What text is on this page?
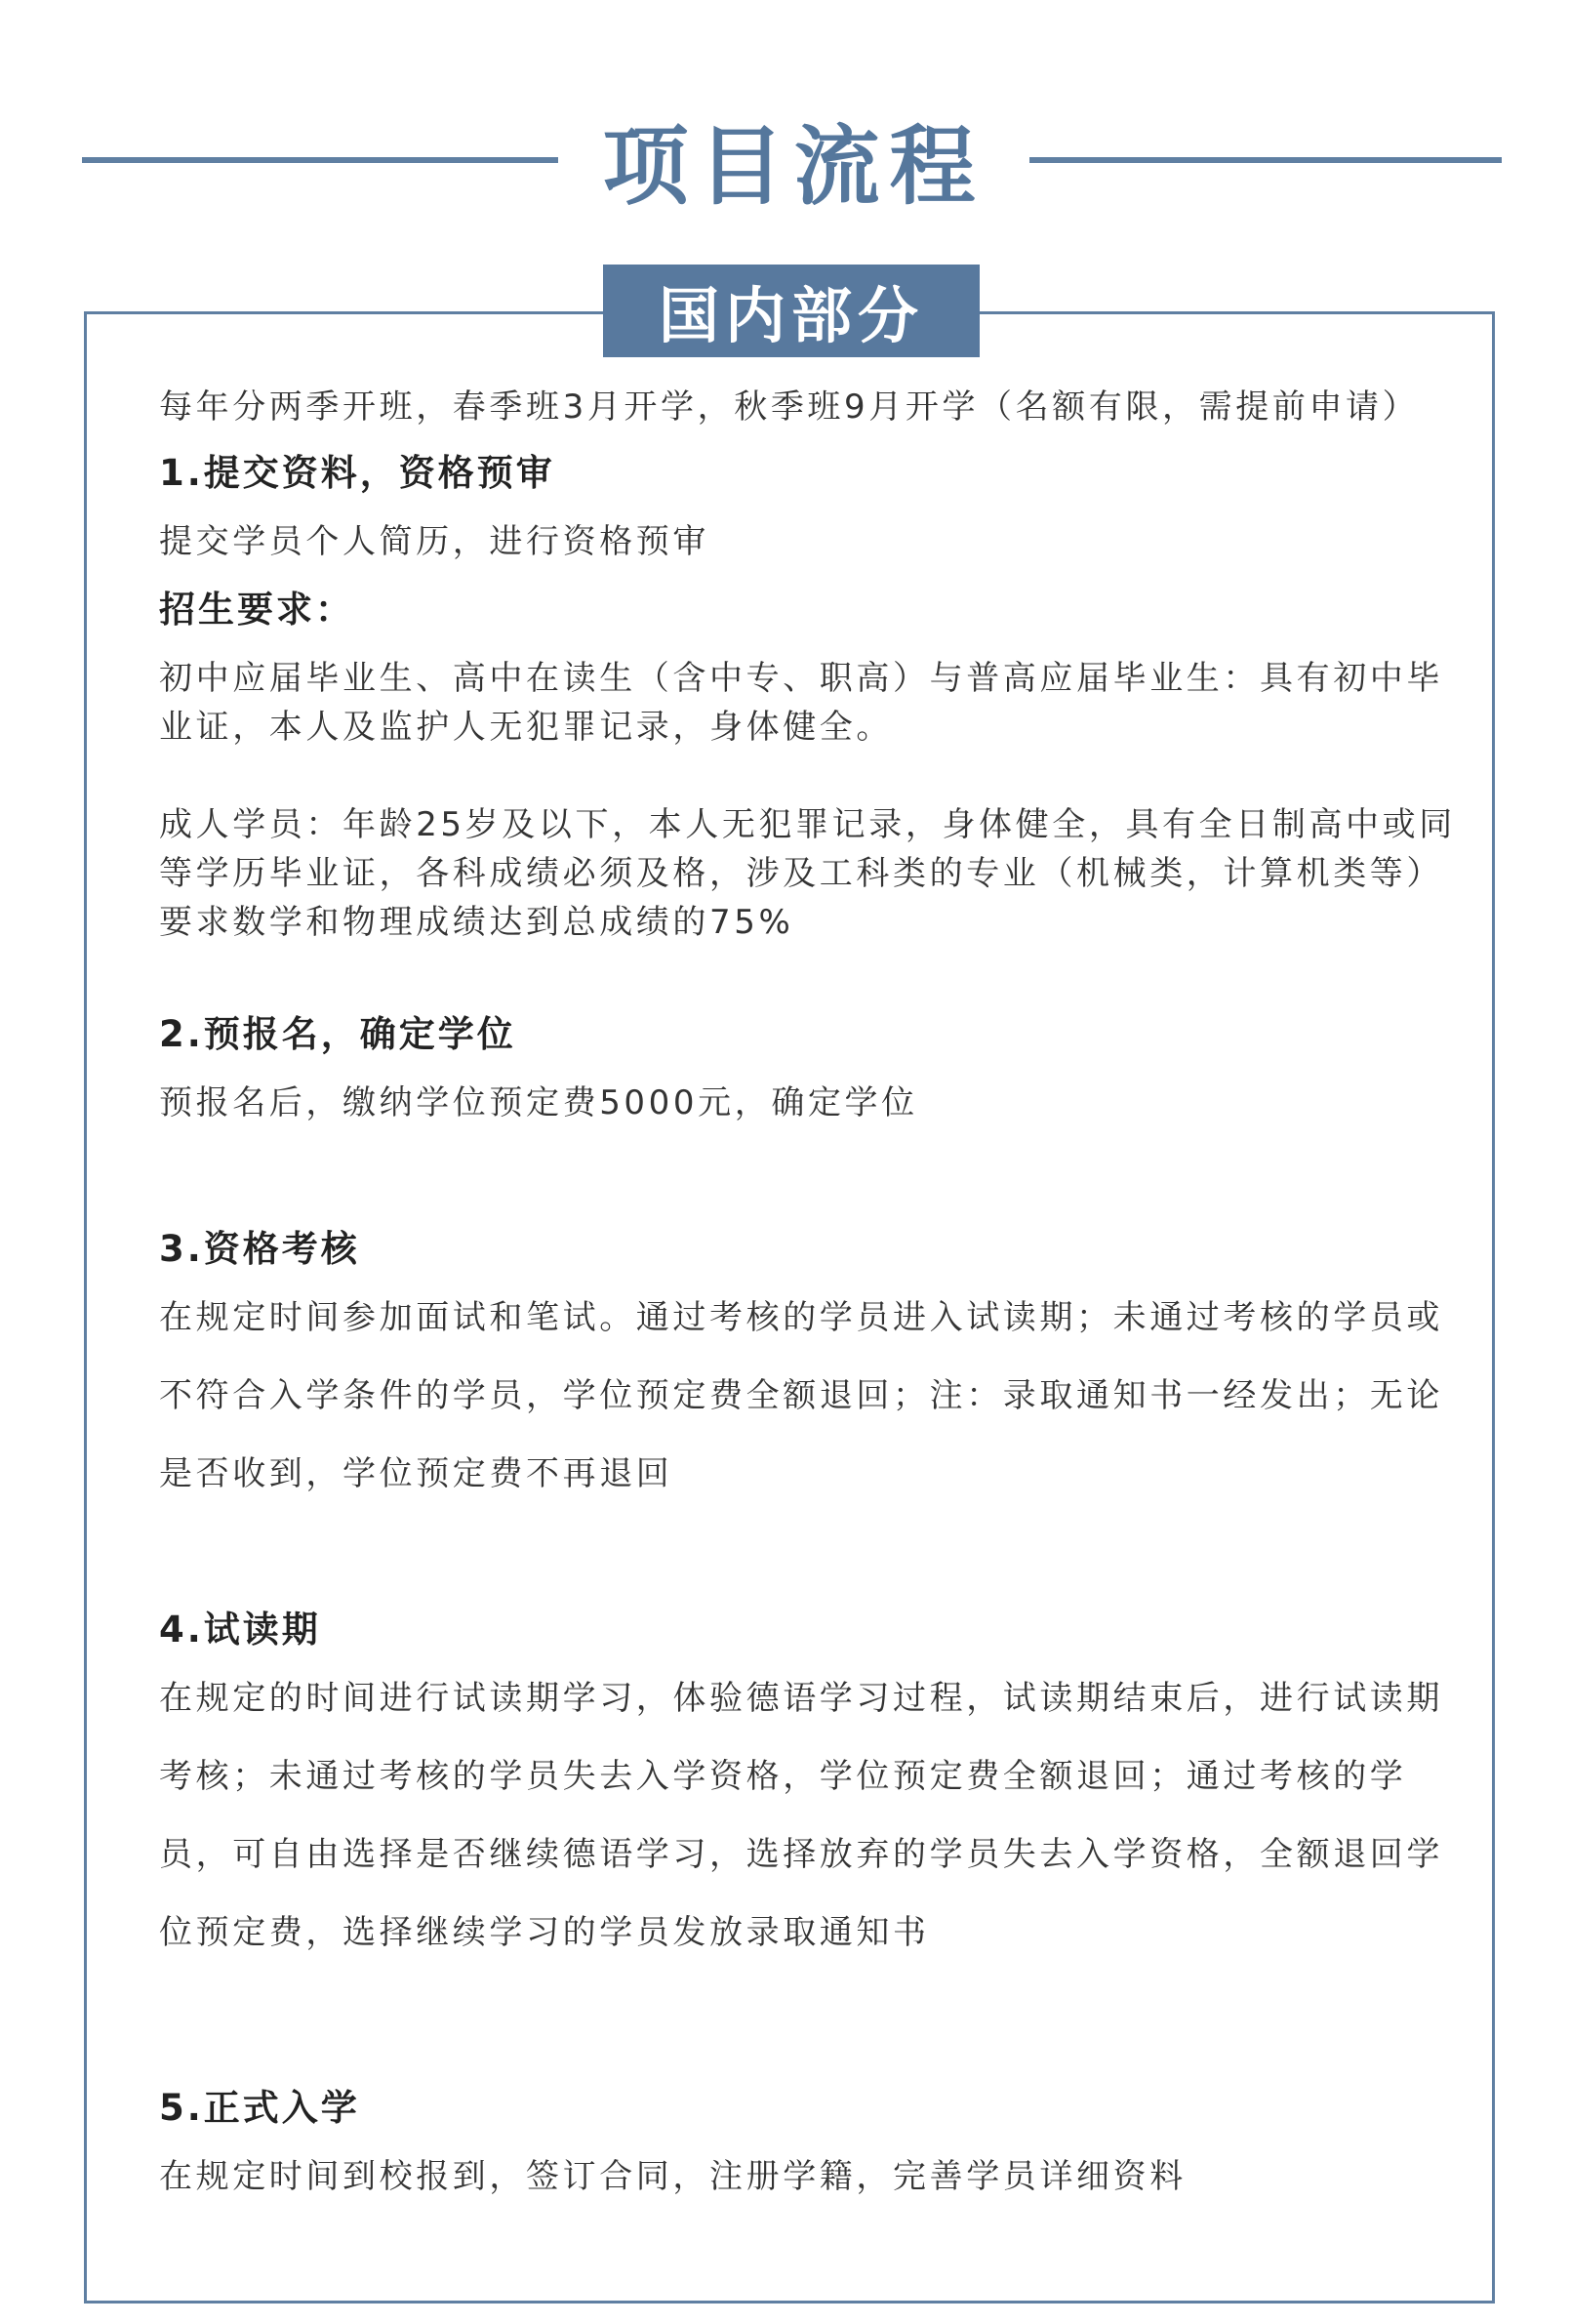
项目流程
国内部分

每年分两季开班，春季班3月开学，秋季班9月开学（名额有限，需提前申请）

1.提交资料，资格预审

提交学员个人简历，进行资格预审

招生要求：

初中应届毕业生、高中在读生（含中专、职高）与普高应届毕业生：具有初中毕业证，本人及监护人无犯罪记录，身体健全。

成人学员：年龄25岁及以下，本人无犯罪记录，身体健全，具有全日制高中或同等学历毕业证，各科成绩必须及格，涉及工科类的专业（机械类，计算机类等）要求数学和物理成绩达到总成绩的75%

2.预报名，确定学位

预报名后，缴纳学位预定费5000元，确定学位

3.资格考核

在规定时间参加面试和笔试。通过考核的学员进入试读期；未通过考核的学员或不符合入学条件的学员，学位预定费全额退回；注：录取通知书一经发出；无论是否收到，学位预定费不再退回

4.试读期

在规定的时间进行试读期学习，体验德语学习过程，试读期结束后，进行试读期考核；未通过考核的学员失去入学资格，学位预定费全额退回；通过考核的学员，可自由选择是否继续德语学习，选择放弃的学员失去入学资格，全额退回学位预定费，选择继续学习的学员发放录取通知书

5.正式入学

在规定时间到校报到，签订合同，注册学籍，完善学员详细资料
